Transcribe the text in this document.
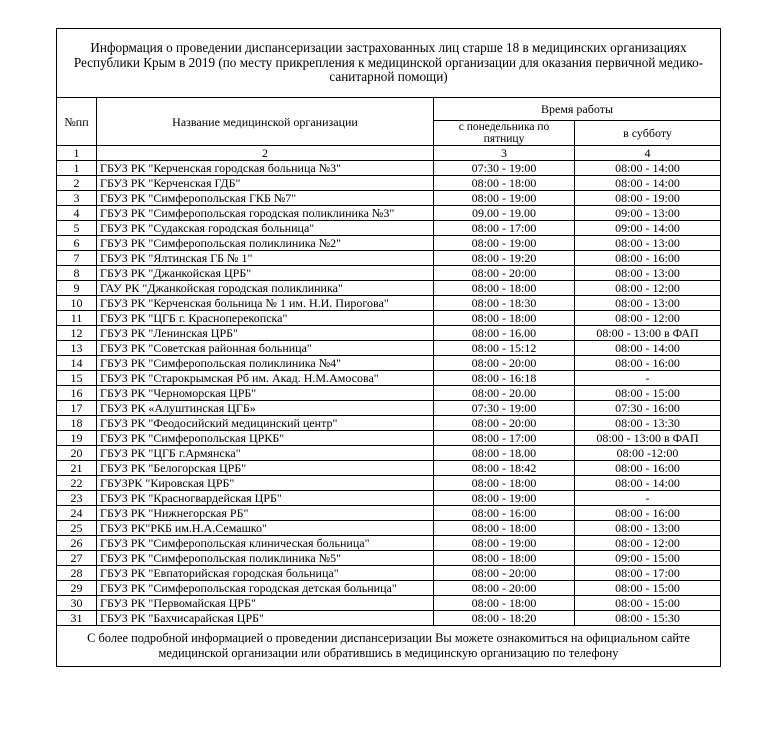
Информация о проведении диспансеризации застрахованных лиц старше 18 в медицинских организациях Республики Крым в 2019 (по месту прикрепления к медицинской организации для оказания первичной медико-санитарной помощи)			
№пп	Название медицинской организации	Время работы	
		с понедельника по пятницу	в субботу
1	2	3	4
1	ГБУЗ РК "Керченская городская больница №3"	07:30 - 19:00	08:00 - 14:00
2	ГБУЗ РК "Керченская ГДБ"	08:00 - 18:00	08:00 - 14:00
3	ГБУЗ РК "Симферопольская ГКБ №7"	08:00 - 19:00	08:00 - 19:00
4	ГБУЗ РК "Симферопольская городская поликлиника №3"	09.00 - 19.00	09:00 - 13:00
5	ГБУЗ РК "Судакская городская больница"	08:00 - 17:00	09:00 - 14:00
6	ГБУЗ РК "Симферопольская поликлиника №2"	08:00 - 19:00	08:00 - 13:00
7	ГБУЗ РК "Ялтинская ГБ № 1"	08:00 - 19:20	08:00 - 16:00
8	ГБУЗ РК "Джанкойская ЦРБ"	08:00 - 20:00	08:00 - 13:00
9	ГАУ РК "Джанкойская городская поликлиника"	08:00 - 18:00	08:00 - 12:00
10	ГБУЗ РК "Керченская больница № 1 им. Н.И. Пирогова"	08:00 - 18:30	08:00 - 13:00
11	ГБУЗ РК "ЦГБ г. Красноперекопска"	08:00 - 18:00	08:00 - 12:00
12	ГБУЗ РК "Ленинская ЦРБ"	08:00 - 16.00	08:00 - 13:00 в ФАП
13	ГБУЗ РК "Советская районная больница"	08:00 - 15:12	08:00 - 14:00
14	ГБУЗ РК "Симферопольская поликлиника №4"	08:00 - 20:00	08:00 - 16:00
15	ГБУЗ РК "Старокрымская Рб им. Акад. Н.М.Амосова"	08:00 - 16:18	-
16	ГБУЗ РК "Черноморская ЦРБ"	08:00 - 20.00	08:00 - 15:00
17	ГБУЗ РК «Алуштинская ЦГБ»	07:30 - 19:00	07:30 - 16:00
18	ГБУЗ РК "Феодосийский медицинский центр"	08:00 - 20:00	08:00 - 13:30
19	ГБУЗ РК "Симферопольская ЦРКБ"	08:00 - 17:00	08:00 - 13:00 в ФАП
20	ГБУЗ РК "ЦГБ г.Армянска"	08:00 - 18.00	08:00 -12:00
21	ГБУЗ РК "Белогорская ЦРБ"	08:00 - 18:42	08:00 - 16:00
22	ГБУЗРК "Кировская ЦРБ"	08:00 - 18:00	08:00 - 14:00
23	ГБУЗ РК "Красногвардейская ЦРБ"	08:00 - 19:00	-
24	ГБУЗ РК "Нижнегорская РБ"	08:00 - 16:00	08:00 - 16:00
25	ГБУЗ РК"РКБ им.Н.А.Семашко"	08:00 - 18:00	08:00 - 13:00
26	ГБУЗ РК "Симферопольская клиническая больница"	08:00 - 19:00	08:00 - 12:00
27	ГБУЗ РК "Симферопольская поликлиника №5"	08:00 - 18:00	09:00 - 15:00
28	ГБУЗ РК "Евпаторийская городская больница"	08:00 - 20:00	08:00 - 17:00
29	ГБУЗ РК "Симферопольская городская детская больница"	08:00 - 20:00	08:00 - 15:00
30	ГБУЗ РК "Первомайская ЦРБ"	08:00 - 18:00	08:00 - 15:00
31	ГБУЗ РК "Бахчисарайская ЦРБ"	08:00 - 18:20	08:00 - 15:30
С более подробной информацией о проведении диспансеризации Вы можете ознакомиться на официальном сайте медицинской организации или обратившись в медицинскую организацию по телефону			
